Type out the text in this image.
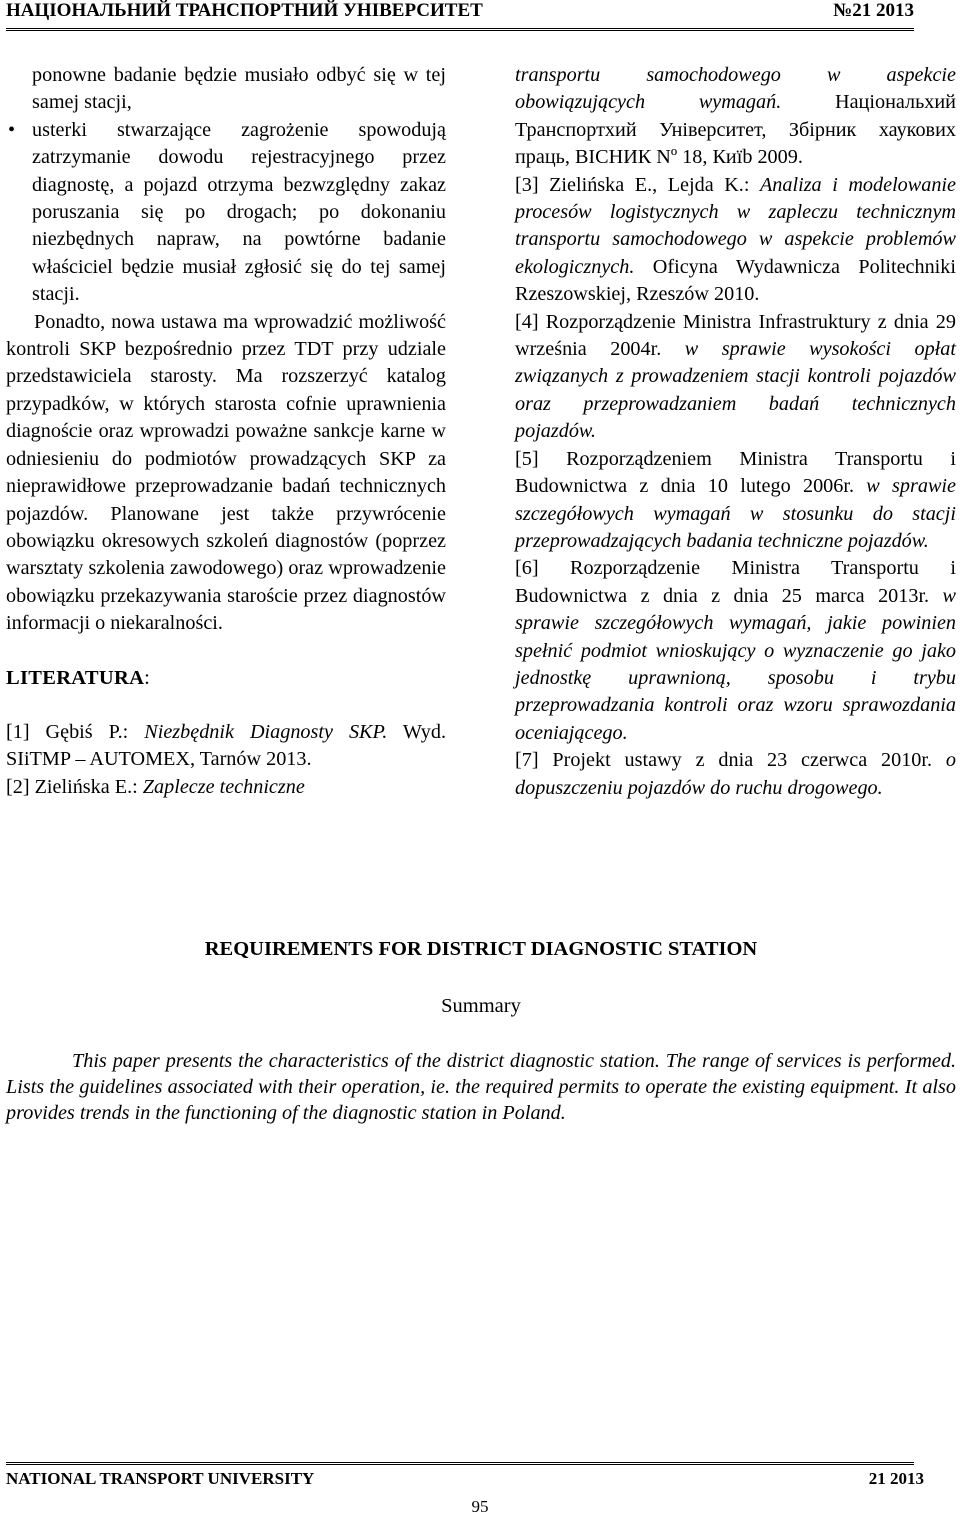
НАЦІОНАЛЬНИЙ ТРАНСПОРТНИЙ УНІВЕРСИТЕТ	№21 2013
ponowne badanie będzie musiało odbyć się w tej samej stacji,
• usterki stwarzające zagrożenie spowodują zatrzymanie dowodu rejestracyjnego przez diagnostę, a pojazd otrzyma bezwzględny zakaz poruszania się po drogach; po dokonaniu niezbędnych napraw, na powtórne badanie właściciel będzie musiał zgłosić się do tej samej stacji.
Ponadto, nowa ustawa ma wprowadzić możliwość kontroli SKP bezpośrednio przez TDT przy udziale przedstawiciela starosty. Ma rozszerzyć katalog przypadków, w których starosta cofnie uprawnienia diagnoście oraz wprowadzi poważne sankcje karne w odniesieniu do podmiotów prowadzących SKP za nieprawidłowe przeprowadzanie badań technicznych pojazdów. Planowane jest także przywrócenie obowiązku okresowych szkoleń diagnostów (poprzez warsztaty szkolenia zawodowego) oraz wprowadzenie obowiązku przekazywania staroście przez diagnostów informacji o niekaralności.
LITERATURA:
[1] Gębiś P.: Niezbędnik Diagnosty SKP. Wyd. SIiTMP – AUTOMEX, Tarnów 2013.
[2] Zielińska E.: Zaplecze techniczne
transportu samochodowego w aspekcie obowiązujących wymagań. Національхий Транспортхий Університет, Збірник хаукових праць, ВІСНИК Nº 18, Киïb 2009.
[3] Zielińska E., Lejda K.: Analiza i modelowanie procesów logistycznych w zapleczu technicznym transportu samochodowego w aspekcie problemów ekologicznych. Oficyna Wydawnicza Politechniki Rzeszowskiej, Rzeszów 2010.
[4] Rozporządzenie Ministra Infrastruktury z dnia 29 września 2004r. w sprawie wysokości opłat związanych z prowadzeniem stacji kontroli pojazdów oraz przeprowadzaniem badań technicznych pojazdów.
[5] Rozporządzeniem Ministra Transportu i Budownictwa z dnia 10 lutego 2006r. w sprawie szczegółowych wymagań w stosunku do stacji przeprowadzających badania techniczne pojazdów.
[6] Rozporządzenie Ministra Transportu i Budownictwa z dnia z dnia 25 marca 2013r. w sprawie szczegółowych wymagań, jakie powinien spełnić podmiot wnioskujący o wyznaczenie go jako jednostkę uprawnioną, sposobu i trybu przeprowadzania kontroli oraz wzoru sprawozdania oceniającego.
[7] Projekt ustawy z dnia 23 czerwca 2010r. o dopuszczeniu pojazdów do ruchu drogowego.
REQUIREMENTS FOR DISTRICT DIAGNOSTIC STATION
Summary
This paper presents the characteristics of the district diagnostic station. The range of services is performed. Lists the guidelines associated with their operation, ie. the required permits to operate the existing equipment. It also provides trends in the functioning of the diagnostic station in Poland.
NATIONAL TRANSPORT UNIVERSITY	21 2013
95
